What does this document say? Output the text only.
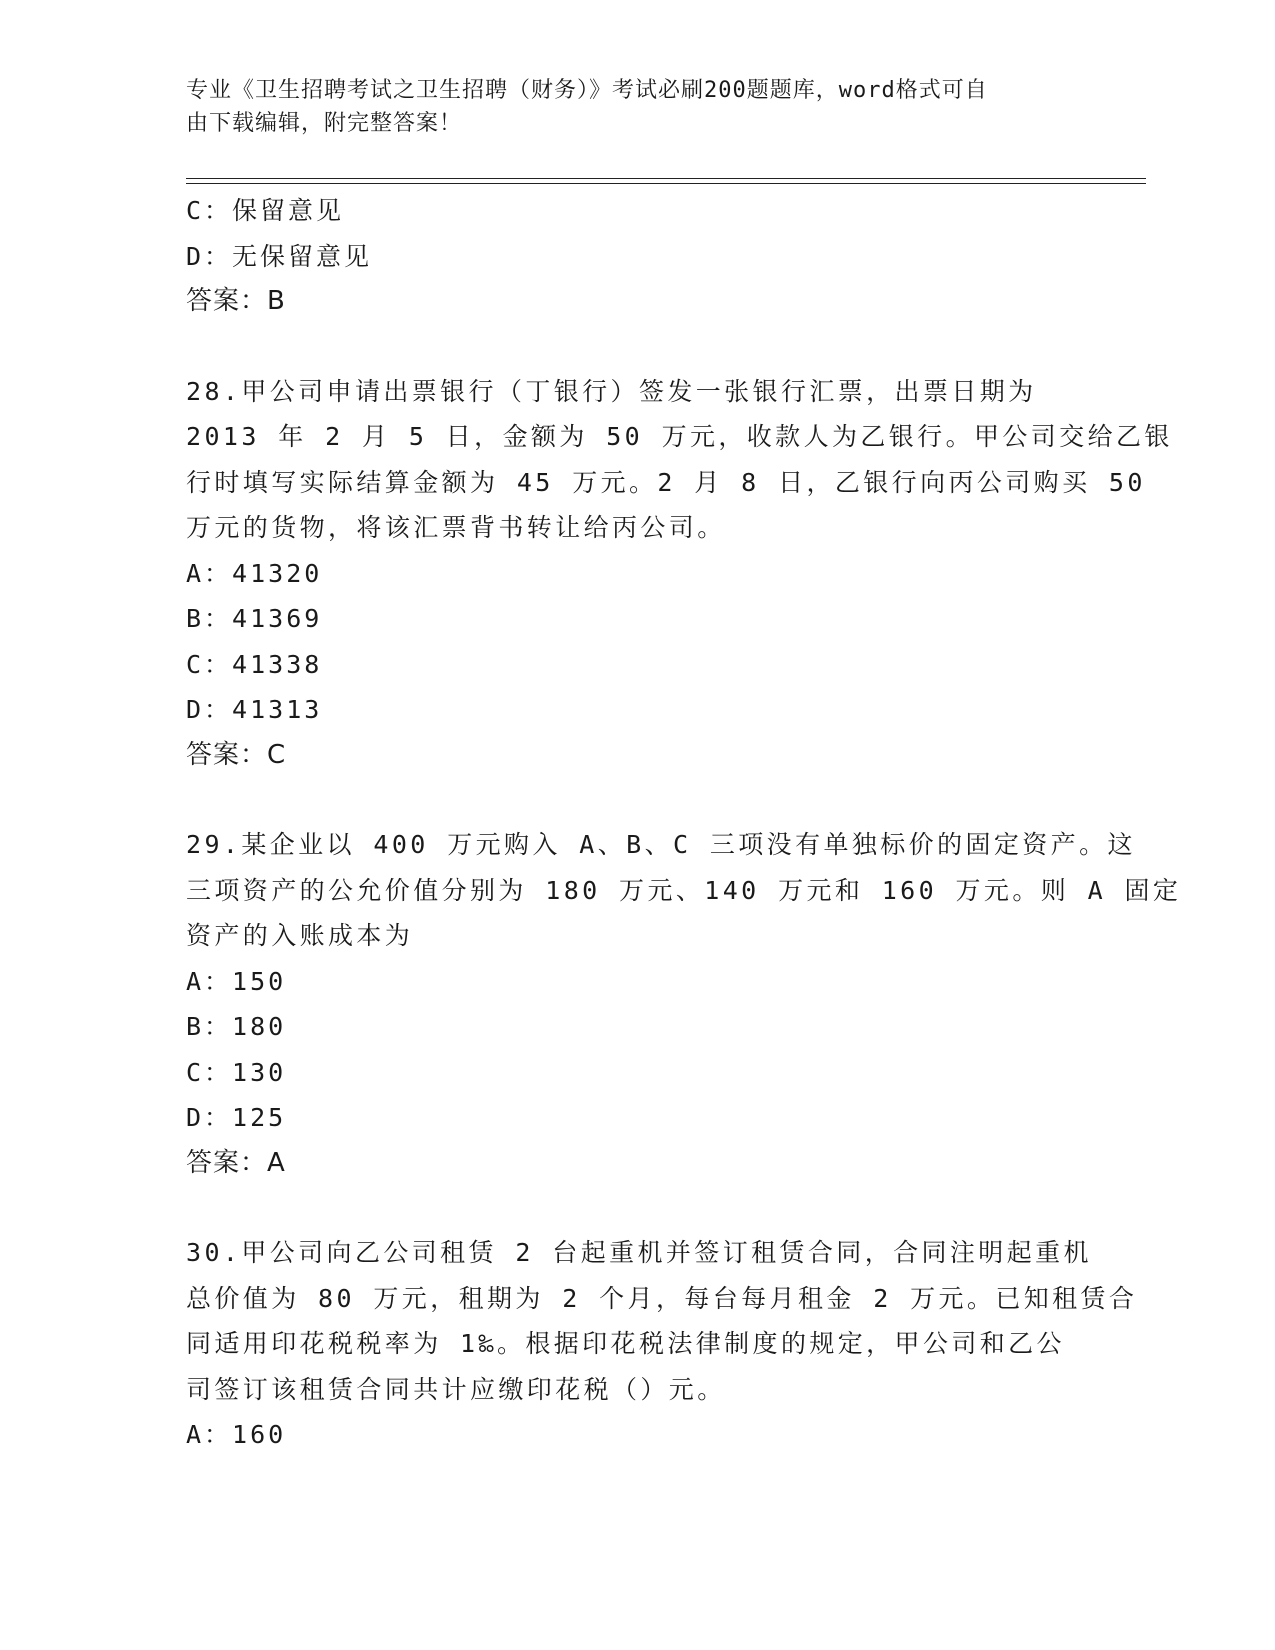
专业《卫生招聘考试之卫生招聘（财务）》考试必刷200题题库，word格式可自
由下载编辑，附完整答案！
C：保留意见
D：无保留意见
答案：B
28.甲公司申请出票银行（丁银行）签发一张银行汇票，出票日期为
2013 年 2 月 5 日，金额为 50 万元，收款人为乙银行。甲公司交给乙银
行时填写实际结算金额为 45 万元。2 月 8 日，乙银行向丙公司购买 50
万元的货物，将该汇票背书转让给丙公司。
A：41320
B：41369
C：41338
D：41313
答案：C
29.某企业以 400 万元购入 A、B、C 三项没有单独标价的固定资产。这
三项资产的公允价值分别为 180 万元、140 万元和 160 万元。则 A 固定
资产的入账成本为
A：150
B：180
C：130
D：125
答案：A
30.甲公司向乙公司租赁 2 台起重机并签订租赁合同，合同注明起重机
总价值为 80 万元，租期为 2 个月，每台每月租金 2 万元。已知租赁合
同适用印花税税率为 1‰。根据印花税法律制度的规定，甲公司和乙公
司签订该租赁合同共计应缴印花税（）元。
A：160
